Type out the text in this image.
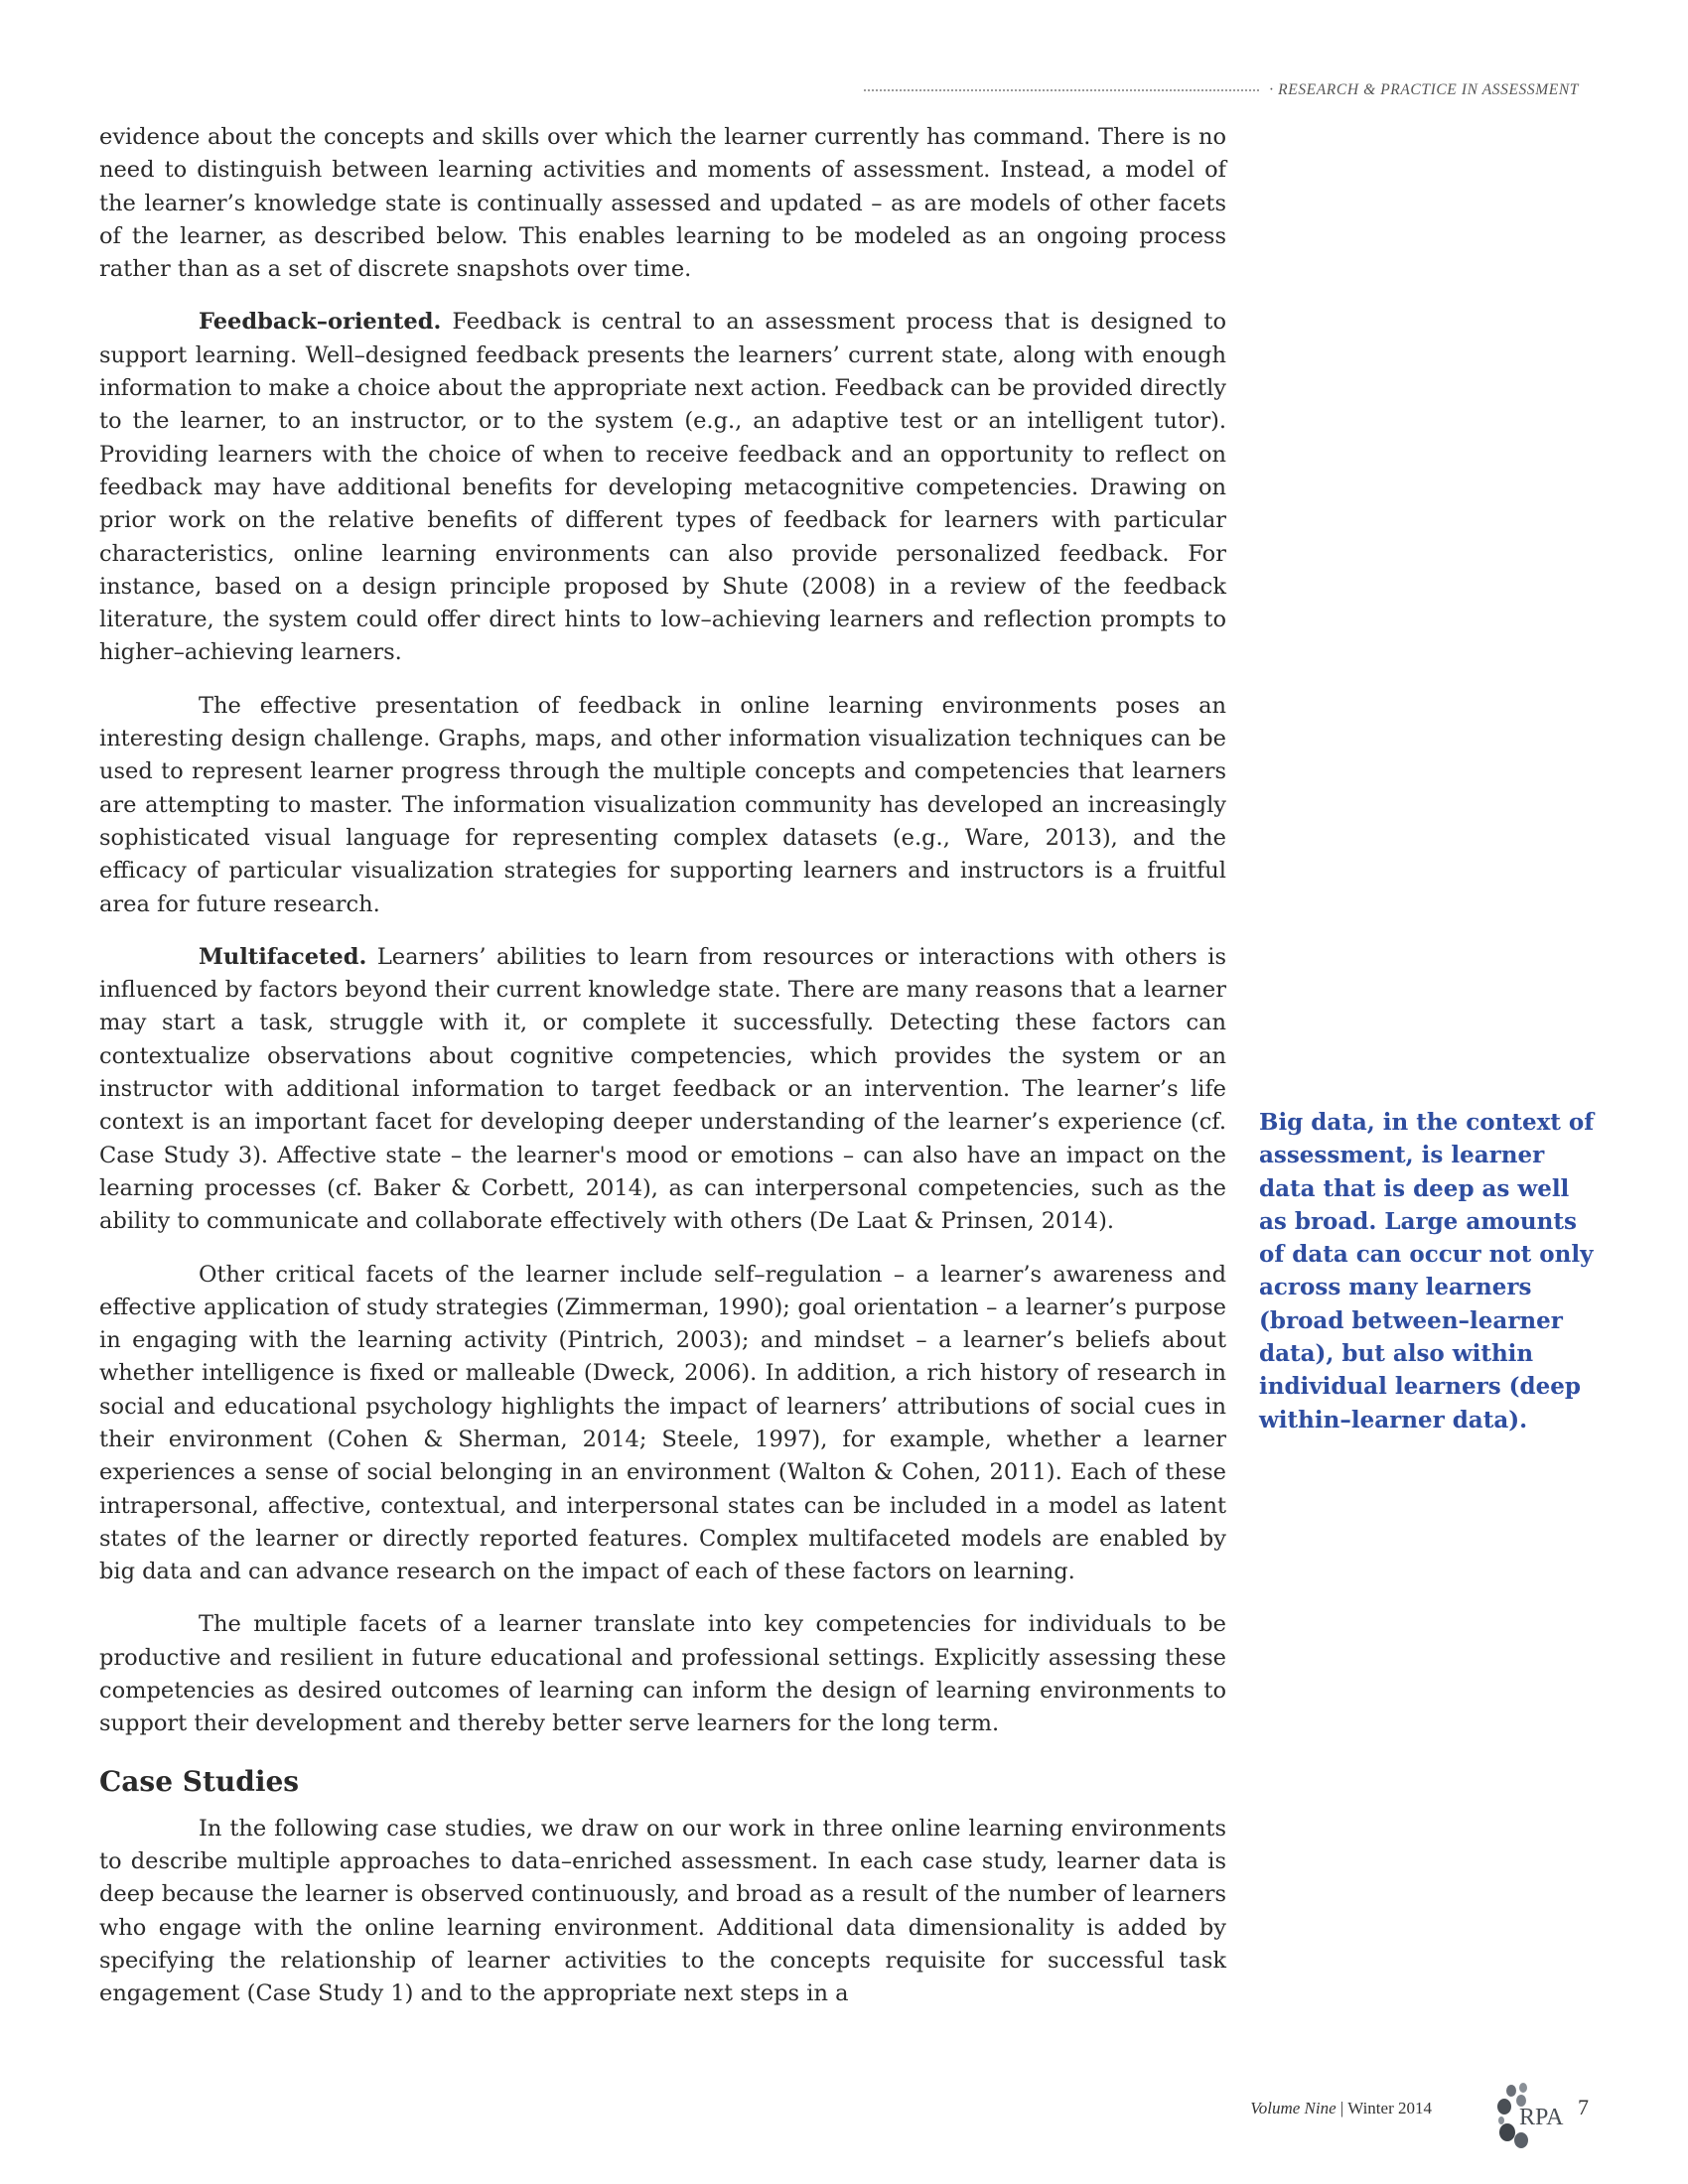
· RESEARCH & PRACTICE IN ASSESSMENT

evidence about the concepts and skills over which the learner currently has command. There is no need to distinguish between learning activities and moments of assessment. Instead, a model of the learner’s knowledge state is continually assessed and updated – as are models of other facets of the learner, as described below. This enables learning to be modeled as an ongoing process rather than as a set of discrete snapshots over time.

Feedback–oriented. Feedback is central to an assessment process that is designed to support learning. Well–designed feedback presents the learners’ current state, along with enough information to make a choice about the appropriate next action. Feedback can be provided directly to the learner, to an instructor, or to the system (e.g., an adaptive test or an intelligent tutor). Providing learners with the choice of when to receive feedback and an opportunity to reflect on feedback may have additional benefits for developing metacognitive competencies. Drawing on prior work on the relative benefits of different types of feedback for learners with particular characteristics, online learning environments can also provide personalized feedback. For instance, based on a design principle proposed by Shute (2008) in a review of the feedback literature, the system could offer direct hints to low–achieving learners and reflection prompts to higher–achieving learners.

The effective presentation of feedback in online learning environments poses an interesting design challenge. Graphs, maps, and other information visualization techniques can be used to represent learner progress through the multiple concepts and competencies that learners are attempting to master. The information visualization community has developed an increasingly sophisticated visual language for representing complex datasets (e.g., Ware, 2013), and the efficacy of particular visualization strategies for supporting learners and instructors is a fruitful area for future research.

Multifaceted. Learners’ abilities to learn from resources or interactions with others is influenced by factors beyond their current knowledge state. There are many reasons that a learner may start a task, struggle with it, or complete it successfully. Detecting these factors can contextualize observations about cognitive competencies, which provides the system or an instructor with additional information to target feedback or an intervention. The learner’s life context is an important facet for developing deeper understanding of the learner’s experience (cf. Case Study 3). Affective state – the learner's mood or emotions – can also have an impact on the learning processes (cf. Baker & Corbett, 2014), as can interpersonal competencies, such as the ability to communicate and collaborate effectively with others (De Laat & Prinsen, 2014).

Other critical facets of the learner include self–regulation – a learner’s awareness and effective application of study strategies (Zimmerman, 1990); goal orientation – a learner’s purpose in engaging with the learning activity (Pintrich, 2003); and mindset – a learner’s beliefs about whether intelligence is fixed or malleable (Dweck, 2006). In addition, a rich history of research in social and educational psychology highlights the impact of learners’ attributions of social cues in their environment (Cohen & Sherman, 2014; Steele, 1997), for example, whether a learner experiences a sense of social belonging in an environment (Walton & Cohen, 2011). Each of these intrapersonal, affective, contextual, and interpersonal states can be included in a model as latent states of the learner or directly reported features. Complex multifaceted models are enabled by big data and can advance research on the impact of each of these factors on learning.

The multiple facets of a learner translate into key competencies for individuals to be productive and resilient in future educational and professional settings. Explicitly assessing these competencies as desired outcomes of learning can inform the design of learning environments to support their development and thereby better serve learners for the long term.

Case Studies

In the following case studies, we draw on our work in three online learning environments to describe multiple approaches to data–enriched assessment. In each case study, learner data is deep because the learner is observed continuously, and broad as a result of the number of learners who engage with the online learning environment. Additional data dimensionality is added by specifying the relationship of learner activities to the concepts requisite for successful task engagement (Case Study 1) and to the appropriate next steps in a

Big data, in the context of assessment, is learner data that is deep as well as broad. Large amounts of data can occur not only across many learners (broad between–learner data), but also within individual learners (deep within–learner data).
Volume Nine | Winter 2014	RPA 7
